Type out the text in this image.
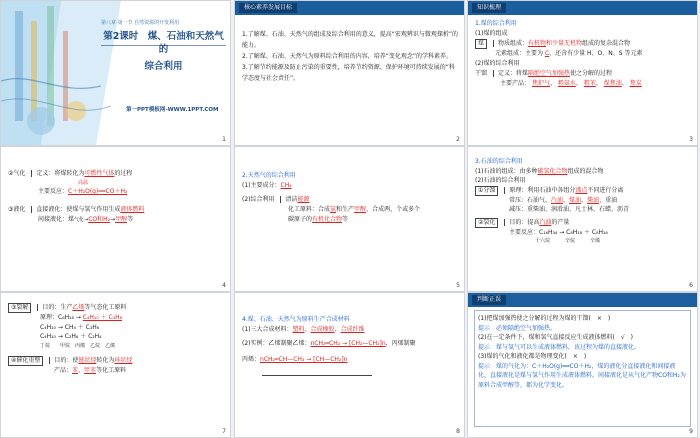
第八章 第一节 自然资源的开发利用
第2课时　煤、石油和天然气的
综合利用
第一PPT模板网-WWW.1PPT.COM
1
核心素养发展目标
1.了解煤、石油、天然气的组成及综合利用的意义，提高“宏观辨识与微观探析”的能力。
2.了解煤、石油、天然气为原料综合利用的内容，培养“变化观念”的学科素养。
3.了解节约能源及防止污染的重要性，培养节约资源、保护环境可持续发展的“科学态度与社会责任”。
2
知识梳理
1.煤的综合利用
(1)煤的组成
煤 物质组成：有机物和少量无机物组成的复杂混合物
元素组成：主要为 C，还含有少量 H、O、N、S 等元素
(2)煤的综合利用
干馏 定义：将煤隔绝空气加强热使之分解的过程
主要产品： 焦炉气、 粗氨水、 粗苯、 煤焦油、 焦炭
3
②气化 定义：将煤转化为可燃性气体的过程
高温
主要反应：C＋H₂O(g)══CO＋H₂
③液化 直接液化：使煤与氢气作用生成液体燃料
间接液化：煤气化→CO和H₂→甲醇等
4
2.天然气的综合利用
(1)主要成分：CH₄
(2)综合利用 清洁能源
化工原料：合成氨和生产甲醇，合成两、个或多个
碳原子的有机化合物等
5
3.石油的综合利用
(1)石油的组成：由多种碳氢化合物组成的混合物
(2)石油的综合利用
①分馏 原理：利用石油中各组分沸点不同进行分离
常压：石油气、汽油、煤油、柴油、重油
减压：重柴油、润滑油、凡士林、石蜡、沥青
②裂化 目的：提高汽油的产量
主要反应：C₁₆H₃₄ → C₈H₁₈ ＋ C₈H₁₆
十六烷　　　辛烷　　　辛烯
6
③裂解 目的：生产乙烯等气态化工原料
原理：C₈H₁₈ → C₄H₁₀ ＋ C₄H₈
C₄H₁₀ → CH₄ ＋ C₃H₆
C₄H₁₀ → C₂H₆ ＋ C₂H₄
丁烷　　甲烷　丙烯　乙烷　乙烯
④催化重整 目的：使链状烃转化为环状烃
产品：苯、甲苯等化工原料
7
4.煤、石油、天然气为原料生产合成材料
(1)三大合成材料：塑料、合成橡胶、合成纤维
(2)实例：乙烯制聚乙烯：nCH₂═CH₂ → [CH₂—CH₂]n，丙烯制聚
丙烯：nCH₂═CH—CH₃ → [CH—CH₂]n
8
判断正误
(1)把煤加强热使之分解的过程为煤的干馏(　×　)
提示　必须隔绝空气加强热。
(2)在一定条件下，煤和氢气直接反应生成液体燃料(　√　)
提示　煤与氢气可以生成液体燃料，该过程为煤的直接液化。
(3)煤的气化和液化都是物理变化(　×　)
提示　煤的气化为：C＋H₂O(g)══CO＋H₂，煤的液化分直接液化和间接液化，直接液化是煤与氢气作用生成液体燃料，间接液化是从气化产物CO和H₂为原料合成甲醇等，都为化学变化。
9
